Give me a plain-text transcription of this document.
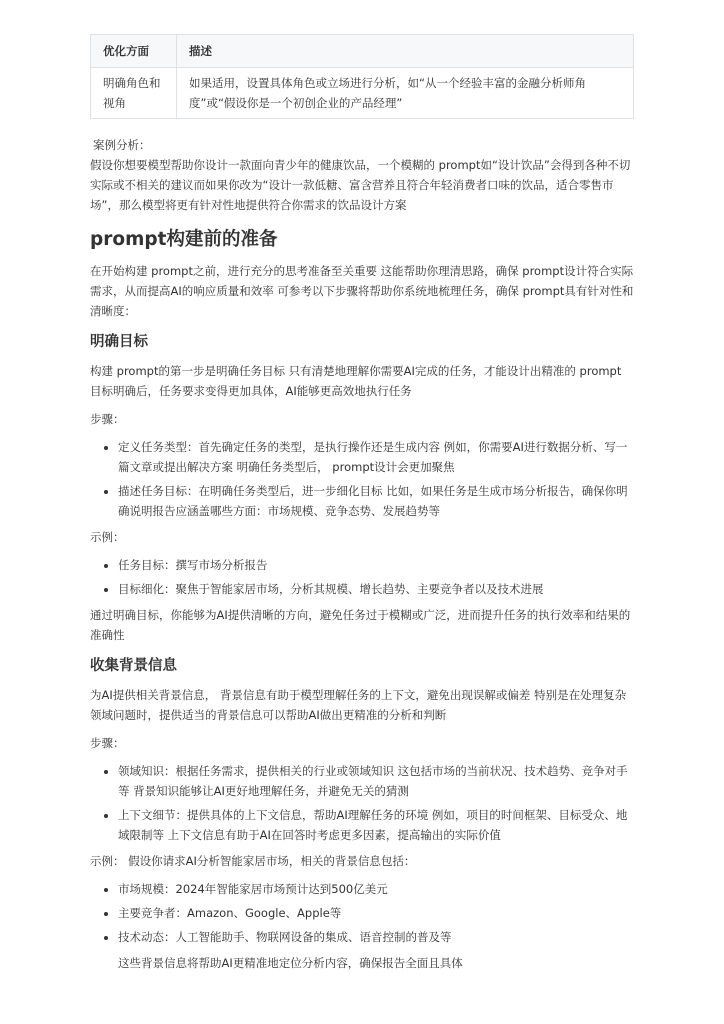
优化方面	描述
明确角色和视角	如果适用，设置具体角色或立场进行分析，如“从一个经验丰富的金融分析师角度”或“假设你是一个初创企业的产品经理”

案例分析：

假设你想要模型帮助你设计一款面向青少年的健康饮品，一个模糊的 prompt如“设计饮品”会得到各种不切实际或不相关的建议而如果你改为“设计一款低糖、富含营养且符合年轻消费者口味的饮品，适合零售市场”，那么模型将更有针对性地提供符合你需求的饮品设计方案

prompt构建前的准备

在开始构建 prompt之前，进行充分的思考准备至关重要 这能帮助你理清思路，确保 prompt设计符合实际需求，从而提高AI的响应质量和效率 可参考以下步骤将帮助你系统地梳理任务，确保 prompt具有针对性和清晰度：

明确目标

构建 prompt的第一步是明确任务目标 只有清楚地理解你需要AI完成的任务，才能设计出精准的 prompt 目标明确后，任务要求变得更加具体，AI能够更高效地执行任务

步骤：

• 定义任务类型：首先确定任务的类型，是执行操作还是生成内容 例如，你需要AI进行数据分析、写一篇文章或提出解决方案 明确任务类型后， prompt设计会更加聚焦
• 描述任务目标：在明确任务类型后，进一步细化目标 比如，如果任务是生成市场分析报告，确保你明确说明报告应涵盖哪些方面：市场规模、竞争态势、发展趋势等

示例：

• 任务目标：撰写市场分析报告
• 目标细化：聚焦于智能家居市场，分析其规模、增长趋势、主要竞争者以及技术进展

通过明确目标，你能够为AI提供清晰的方向，避免任务过于模糊或广泛，进而提升任务的执行效率和结果的准确性

收集背景信息

为AI提供相关背景信息， 背景信息有助于模型理解任务的上下文，避免出现误解或偏差 特别是在处理复杂领域问题时，提供适当的背景信息可以帮助AI做出更精准的分析和判断

步骤：

• 领域知识：根据任务需求，提供相关的行业或领域知识 这包括市场的当前状况、技术趋势、竞争对手等 背景知识能够让AI更好地理解任务，并避免无关的猜测
• 上下文细节：提供具体的上下文信息，帮助AI理解任务的环境 例如，项目的时间框架、目标受众、地域限制等 上下文信息有助于AI在回答时考虑更多因素，提高输出的实际价值

示例： 假设你请求AI分析智能家居市场，相关的背景信息包括：

• 市场规模：2024年智能家居市场预计达到500亿美元
• 主要竞争者：Amazon、Google、Apple等
• 技术动态：人工智能助手、物联网设备的集成、语音控制的普及等

这些背景信息将帮助AI更精准地定位分析内容，确保报告全面且具体
